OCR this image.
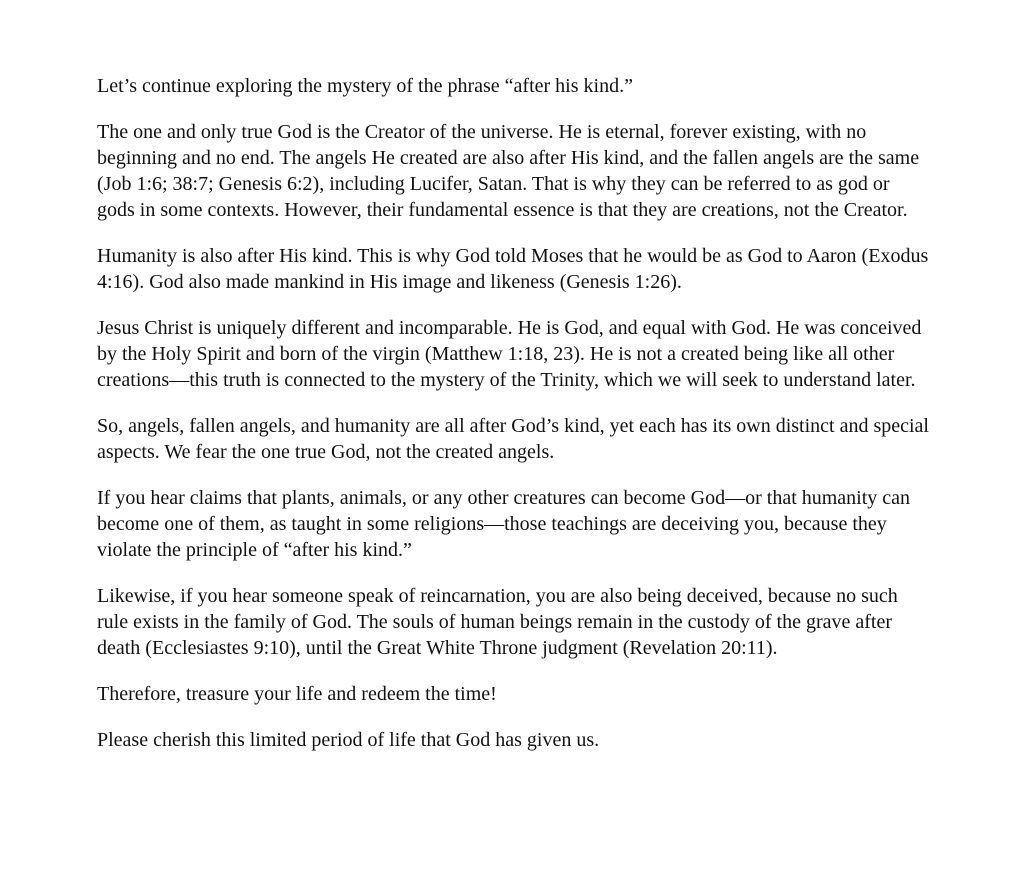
Let’s continue exploring the mystery of the phrase “after his kind.”

The one and only true God is the Creator of the universe. He is eternal, forever existing, with no beginning and no end. The angels He created are also after His kind, and the fallen angels are the same (Job 1:6; 38:7; Genesis 6:2), including Lucifer, Satan. That is why they can be referred to as god or gods in some contexts. However, their fundamental essence is that they are creations, not the Creator.

Humanity is also after His kind. This is why God told Moses that he would be as God to Aaron (Exodus 4:16). God also made mankind in His image and likeness (Genesis 1:26).

Jesus Christ is uniquely different and incomparable. He is God, and equal with God. He was conceived by the Holy Spirit and born of the virgin (Matthew 1:18, 23). He is not a created being like all other creations—this truth is connected to the mystery of the Trinity, which we will seek to understand later.

So, angels, fallen angels, and humanity are all after God’s kind, yet each has its own distinct and special aspects. We fear the one true God, not the created angels.

If you hear claims that plants, animals, or any other creatures can become God—or that humanity can become one of them, as taught in some religions—those teachings are deceiving you, because they violate the principle of “after his kind.”

Likewise, if you hear someone speak of reincarnation, you are also being deceived, because no such rule exists in the family of God. The souls of human beings remain in the custody of the grave after death (Ecclesiastes 9:10), until the Great White Throne judgment (Revelation 20:11).

Therefore, treasure your life and redeem the time!

Please cherish this limited period of life that God has given us.
